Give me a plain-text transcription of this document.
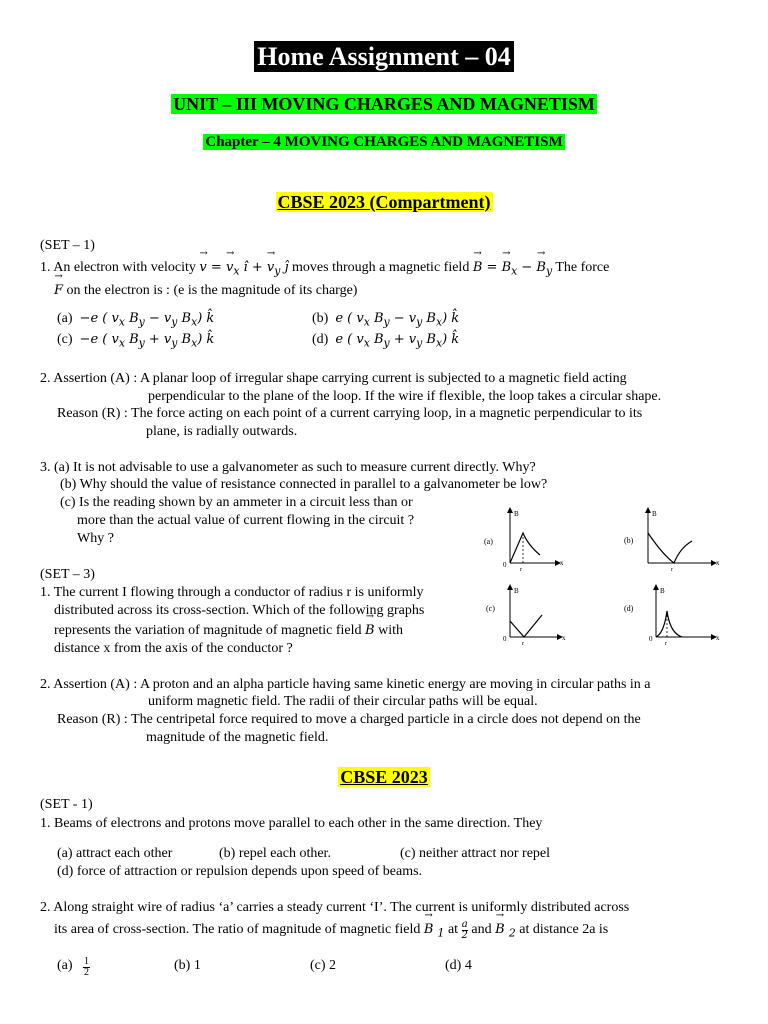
Home Assignment – 04
UNIT – III MOVING CHARGES AND MAGNETISM
Chapter – 4 MOVING CHARGES AND MAGNETISM
CBSE 2023 (Compartment)
(SET – 1)
1. An electron with velocity → v = → $v_x$ î + → $v_y$ ĵ moves through a magnetic field → B = → $B_x$ − → $B_y$ The force
→ F on the electron is : (e is the magnitude of its charge)
(a) −e ( $v_x$ $B_y - v_y$ $B_x$) k̂	(b) e ( $v_x$ $B_y - v_y$ $B_x$) k̂
(c) −e ( $v_x$ $B_y + v_y$ $B_x$) k̂	(d) e ( $v_x$ $B_y + v_y$ $B_x$) k̂
2. Assertion (A) : A planar loop of irregular shape carrying current is subjected to a magnetic field acting
perpendicular to the plane of the loop. If the wire if flexible, the loop takes a circular shape.
Reason (R) : The force acting on each point of a current carrying loop, in a magnetic perpendicular to its
plane, is radially outwards.
3. (a) It is not advisable to use a galvanometer as such to measure current directly. Why?
(b) Why should the value of resistance connected in parallel to a galvanometer be low?
(c) Is the reading shown by an ammeter in a circuit less than or
more than the actual value of current flowing in the circuit ?
Why ?
(SET – 3)
1. The current I flowing through a conductor of radius r is uniformly
distributed across its cross-section. Which of the following graphs
represents the variation of magnitude of magnetic field → B with
distance x from the axis of the conductor ?
(a)
B
x
0
r
(b)
B
x
r
(c)
B
x
0
r
(d)
B
x
0
r
2. Assertion (A) : A proton and an alpha particle having same kinetic energy are moving in circular paths in a
uniform magnetic field. The radii of their circular paths will be equal.
Reason (R) : The centripetal force required to move a charged particle in a circle does not depend on the
magnitude of the magnetic field.
CBSE 2023
(SET - 1)
1. Beams of electrons and protons move parallel to each other in the same direction. They
(a) attract each other	(b) repel each other.	(c) neither attract nor repel
(d) force of attraction or repulsion depends upon speed of beams.
2. Along straight wire of radius ‘a’ carries a steady current ‘I’. The current is uniformly distributed across
its area of cross-section. The ratio of magnitude of magnetic field → B $_1$ at $\frac{a}{2}$ and → B $_2$ at distance 2a is
$(a) \frac{1}{2}$	(b) 1	(c) 2	(d) 4
